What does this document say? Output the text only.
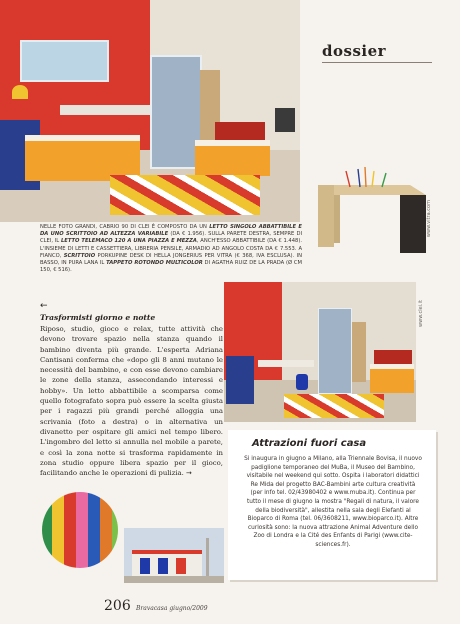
dossier
www.vitra.com
NELLE FOTO GRANDI, CABRIO 90 DI CLEI È COMPOSTO DA UN LETTO SINGOLO ABBATTIBILE E DA UNO SCRITTOIO AD ALTEZZA VARIABILE (DA € 1.956). SULLA PARETE DESTRA, SEMPRE DI CLEI, IL LETTO TELEMACO 120 A UNA PIAZZA E MEZZA, ANCH'ESSO ABBATTIBILE (DA € 1.448). L'INSIEME DI LETTI E CASSETTIERA, LIBRERIA PENSILE, ARMADIO AD ANGOLO COSTA DA € 7.553. A FIANCO, SCRITTOIO PORKUPINE DESK DI HELLA JONGERIUS PER VITRA (€ 368, IVA ESCLUSA). IN BASSO, IN PURA LANA IL TAPPETO ROTONDO MULTICOLOR DI AGATHA RUIZ DE LA PRADA (Ø CM 150, € 516).
www.clei.it
←
Trasformisti giorno e notte
Riposo, studio, gioco e relax, tutte attività che devono trovare spazio nella stanza quando il bambino diventa più grande. L'esperta Adriana Cantisani conferma che «dopo gli 8 anni mutano le necessità del bambino, e con esse devono cambiare le zone della stanza, assecondando interessi e hobby». Un letto abbattibile a scomparsa come quello fotografato sopra può essere la scelta giusta per i ragazzi più grandi perché alloggia una scrivania (foto a destra) o in alternativa un divanetto per ospitare gli amici nel tempo libero. L'ingombro del letto si annulla nel mobile a parete, e così la zona notte si trasforma rapidamente in zona studio oppure libera spazio per il gioco, facilitando anche le operazioni di pulizia. →
Attrazioni fuori casa
Si inaugura in giugno a Milano, alla Triennale Bovisa, il nuovo padiglione temporaneo del MuBa, il Museo del Bambino, visitabile nel weekend qui sotto. Ospita i laboratori didattici Re Mida del progetto BAC-Bambini arte cultura creatività (per info tel. 02/43980402 e www.muba.it). Continua per tutto il mese di giugno la mostra "Regali di natura, il valore della biodiversità", allestita nella sala degli Elefanti al Bioparco di Roma (tel. 06/3608211, www.bioparco.it). Altre curiosità sono: la nuova attrazione Animal Adventure dello Zoo di Londra e la Cité des Enfants di Parigi (www.cite-sciences.fr).
206 Bravacasa giugno/2009
